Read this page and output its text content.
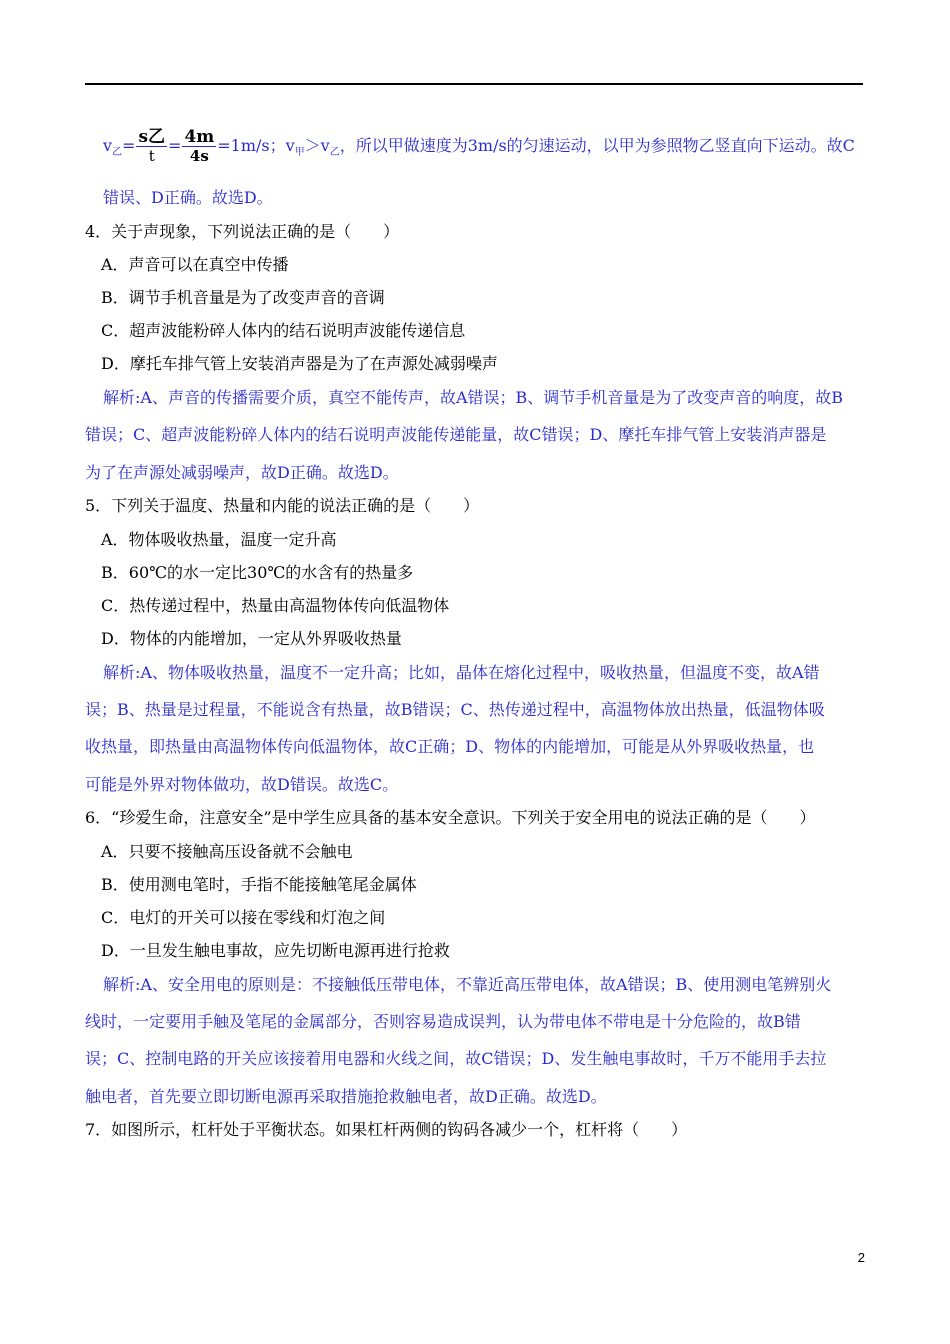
$v_乙= \frac{\text{s乙}}{t} = \frac{4m}{4s} =1m/s$；$v_甲>v_乙$，所以甲做速度为3m/s的匀速运动，以甲为参照物乙竖直向下运动。故C
错误、D正确。故选D。
4．关于声现象，下列说法正确的是（　　）
A．声音可以在真空中传播
B．调节手机音量是为了改变声音的音调
C．超声波能粉碎人体内的结石说明声波能传递信息
D．摩托车排气管上安装消声器是为了在声源处减弱噪声
解析:A、声音的传播需要介质，真空不能传声，故A错误；B、调节手机音量是为了改变声音的响度，故B
错误；C、超声波能粉碎人体内的结石说明声波能传递能量，故C错误；D、摩托车排气管上安装消声器是
为了在声源处减弱噪声，故D正确。故选D。
5．下列关于温度、热量和内能的说法正确的是（　　）
A．物体吸收热量，温度一定升高
B．60℃的水一定比30℃的水含有的热量多
C．热传递过程中，热量由高温物体传向低温物体
D．物体的内能增加，一定从外界吸收热量
解析:A、物体吸收热量，温度不一定升高；比如，晶体在熔化过程中，吸收热量，但温度不变，故A错
误；B、热量是过程量，不能说含有热量，故B错误；C、热传递过程中，高温物体放出热量，低温物体吸
收热量，即热量由高温物体传向低温物体，故C正确；D、物体的内能增加，可能是从外界吸收热量，也
可能是外界对物体做功，故D错误。故选C。
6．“珍爱生命，注意安全”是中学生应具备的基本安全意识。下列关于安全用电的说法正确的是（　　）
A．只要不接触高压设备就不会触电
B．使用测电笔时，手指不能接触笔尾金属体
C．电灯的开关可以接在零线和灯泡之间
D．一旦发生触电事故，应先切断电源再进行抢救
解析:A、安全用电的原则是：不接触低压带电体，不靠近高压带电体，故A错误；B、使用测电笔辨别火
线时，一定要用手触及笔尾的金属部分，否则容易造成误判，认为带电体不带电是十分危险的，故B错
误；C、控制电路的开关应该接着用电器和火线之间，故C错误；D、发生触电事故时，千万不能用手去拉
触电者，首先要立即切断电源再采取措施抢救触电者，故D正确。故选D。
7．如图所示，杠杆处于平衡状态。如果杠杆两侧的钩码各减少一个，杠杆将（　　）
2
